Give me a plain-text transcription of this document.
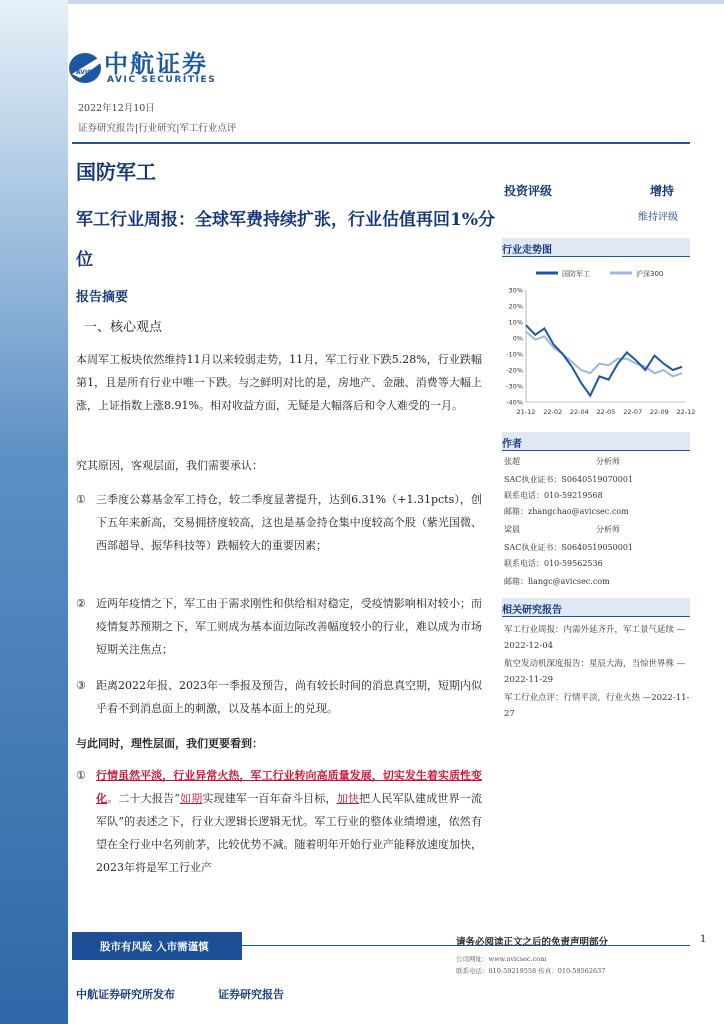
AVIC 中航证券
AVIC SECURITIES
2022年12月10日
证券研究报告|行业研究|军工行业点评
国防军工
军工行业周报：全球军费持续扩张，行业估值再回1%分位
报告摘要
一、核心观点
本周军工板块依然维持11月以来较弱走势，11月，军工行业下跌5.28%，行业跌幅第1，且是所有行业中唯一下跌。与之鲜明对比的是，房地产、金融、消费等大幅上涨，上证指数上涨8.91%。相对收益方面，无疑是大幅落后和令人难受的一月。
究其原因，客观层面，我们需要承认：
① 三季度公募基金军工持仓，较二季度显著提升，达到6.31%（+1.31pcts），创下五年来新高，交易拥挤度较高，这也是基金持仓集中度较高个股（紫光国微、西部超导、振华科技等）跌幅较大的重要因素；
② 近两年疫情之下，军工由于需求刚性和供给相对稳定，受疫情影响相对较小；而疫情复苏预期之下，军工则成为基本面边际改善幅度较小的行业，难以成为市场短期关注焦点；
③ 距离2022年报、2023年一季报及预告，尚有较长时间的消息真空期，短期内似乎看不到消息面上的刺激，以及基本面上的兑现。
与此同时，理性层面，我们更要看到：
① 行情虽然平淡，行业异常火热，军工行业转向高质量发展，切实发生着实质性变化。二十大报告“如期实现建军一百年奋斗目标，加快把人民军队建成世界一流军队”的表述之下，行业大逻辑长逻辑无忧。军工行业的整体业绩增速，依然有望在全行业中名列前茅，比较优势不减。随着明年开始行业产能释放速度加快，2023年将是军工行业产
投资评级	增持
维持评级
行业走势图
国防军工	沪深300
30%
20%
10%
0%
-10%
-20%
-30%
-40%
21-12 22-02 22-04 22-05 22-07 22-09 22-12
作者
张超	分析师
SAC执业证书：S0640519070001
联系电话：010-59219568
邮箱：zhangchao@avicsec.com
梁晨	分析师
SAC执业证书：S0640519050001
联系电话：010-59562536
邮箱：liangc@avicsec.com
相关研究报告
军工行业周报：内需外延齐升，军工景气延续 —2022-12-04
航空发动机深度报告：星辰大海，当惊世界殊 —2022-11-29
军工行业点评：行情平淡，行业火热 —2022-11-27
股市有风险 入市需谨慎	请务必阅读正文之后的免责声明部分	1
公司网址：www.avicsec.com
联系电话：010-59219558 传真：010-59562637
中航证券研究所发布	证券研究报告
